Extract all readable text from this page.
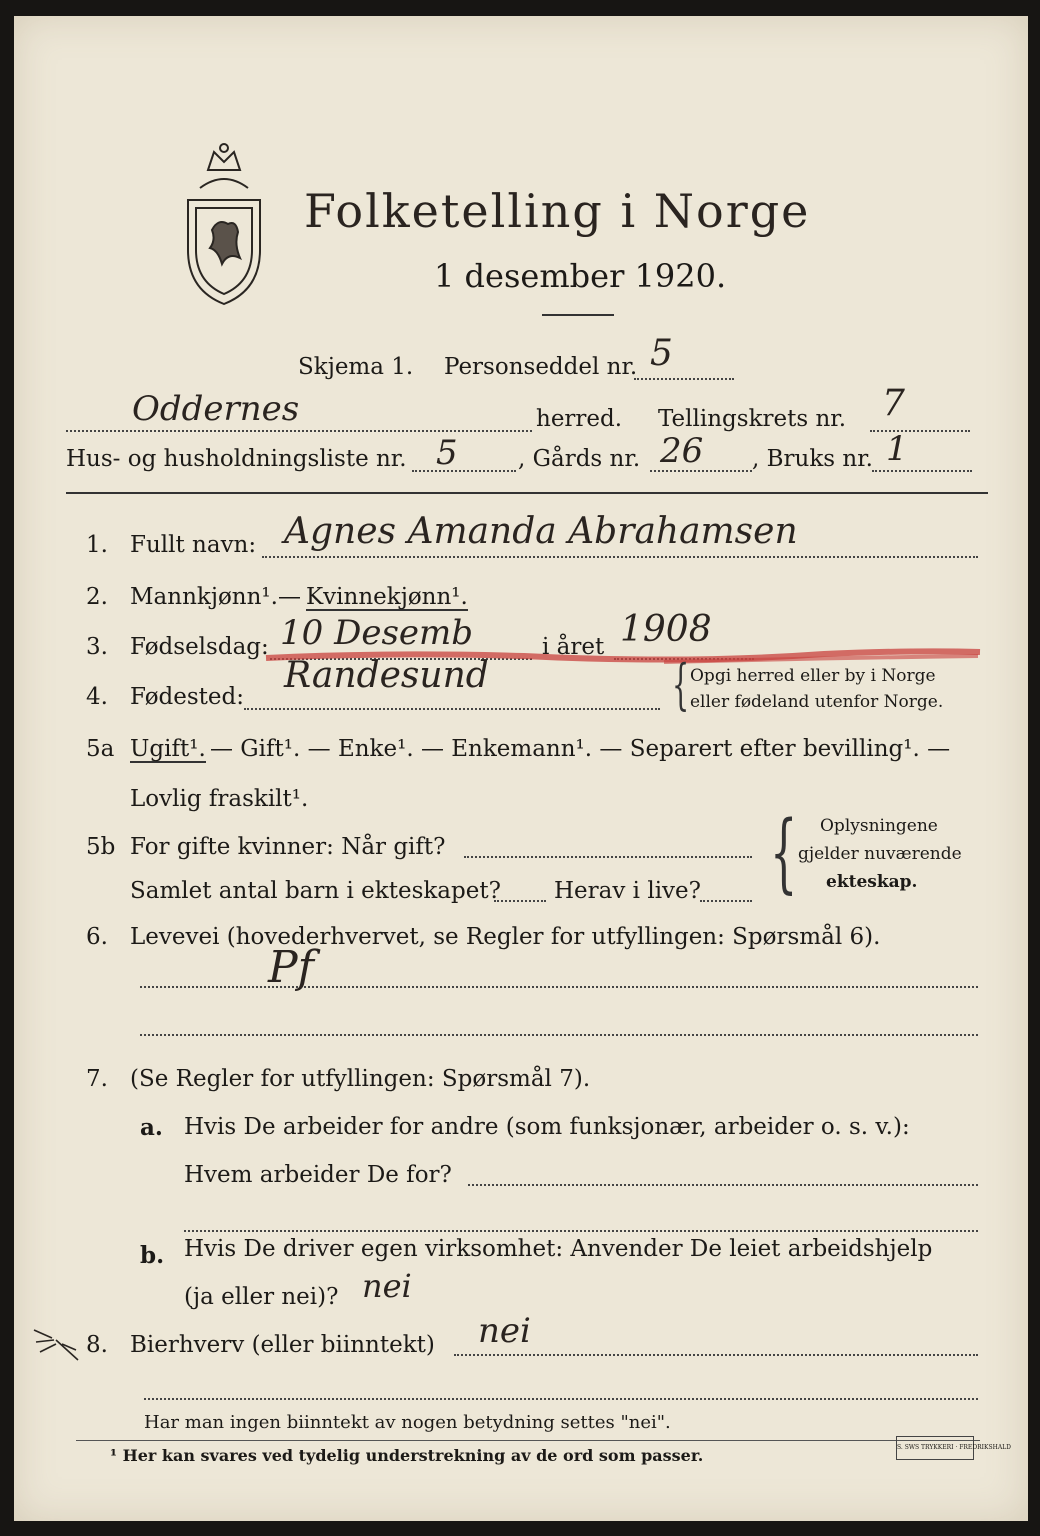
Folketelling i Norge
1 desember 1920.
Skjema 1. Personseddel nr. 5
Oddernes	herred. Tellingskrets nr. 7
Hus- og husholdningsliste nr. 5	, Gårds nr. 26 , Bruks nr. 1
1. Fullt navn: Agnes Amanda Abrahamsen
2. Mannkjønn¹. — Kvinnekjønn¹.
3. Fødselsdag: 10 Desemb	i året 1908
4. Fødested:
Randesund	{ Opgi herred eller by i Norge
eller fødeland utenfor Norge.
5a Ugift¹. — Gift¹. — Enke¹. — Enkemann¹. — Separert efter bevilling¹. —
Lovlig fraskilt¹.
5b For gifte kvinner: Når gift?
Samlet antal barn i ekteskapet? Herav i live? { Oplysningene
gjelder nuværende
ekteskap.
6. Levevei (hovederhvervet, se Regler for utfyllingen: Spørsmål 6).
Pf
7. (Se Regler for utfyllingen: Spørsmål 7).
a. Hvis De arbeider for andre (som funksjonær, arbeider o. s. v.):
Hvem arbeider De for?
b. Hvis De driver egen virksomhet: Anvender De leiet arbeidshjelp
(ja eller nei)? nei
8. Bierhverv (eller biinntekt) nei
Har man ingen biinntekt av nogen betydning settes "nei".
¹ Her kan svares ved tydelig understrekning av de ord som passer.	S. SWS TRYKKERI · FREDRIKSHALD
